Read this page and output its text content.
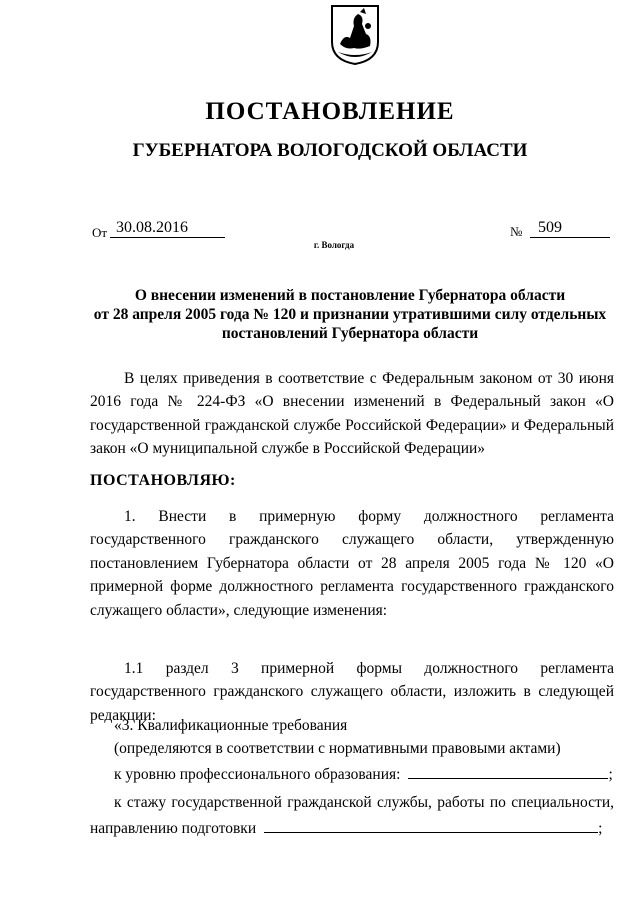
ПОСТАНОВЛЕНИЕ
ГУБЕРНАТОРА ВОЛОГОДСКОЙ ОБЛАСТИ
От 30.08.2016	№ 509
г. Вологда
О внесении изменений в постановление Губернатора области
от 28 апреля 2005 года № 120 и признании утратившими силу отдельных
постановлений Губернатора области
В целях приведения в соответствие с Федеральным законом от 30 июня 2016 года № 224-ФЗ «О внесении изменений в Федеральный закон «О государственной гражданской службе Российской Федерации» и Федеральный закон «О муниципальной службе в Российской Федерации»
ПОСТАНОВЛЯЮ:
1. Внести в примерную форму должностного регламента государственного гражданского служащего области, утвержденную постановлением Губернатора области от 28 апреля 2005 года № 120 «О примерной форме должностного регламента государственного гражданского служащего области», следующие изменения:
1.1 раздел 3 примерной формы должностного регламента государственного гражданского служащего области, изложить в следующей редакции:
«3. Квалификационные требования
(определяются в соответствии с нормативными правовыми актами)
к уровню профессионального образования:	;
к стажу государственной гражданской службы, работы по специальности,
направлению подготовки	;
